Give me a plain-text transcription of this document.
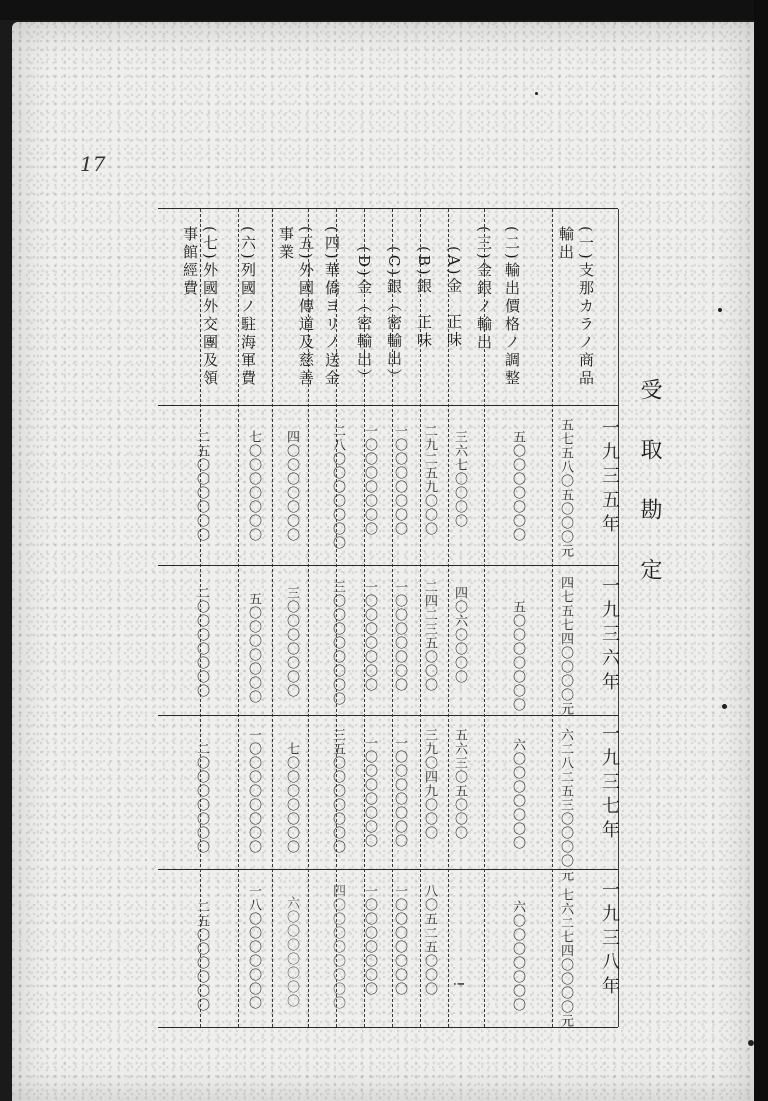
17
受取勘定
一九三五年
一九三六年
一九三七年
一九三八年
(一)支那カラノ商品
輸出
(二)輸出價格ノ調整
(三)金銀ノ輸出
(A)金　正味
(B)銀　正味
(C)銀（密輸出）
(D)金（密輸出）
(四)華僑ヨリノ送金
(五)外國傳道及慈善
事業
(六)列國ノ駐海軍費
(七)外國外交團及領
事館經費
五七五八〇五〇〇〇元
五〇〇〇〇〇〇〇
三六七〇〇〇〇
二九二五九〇〇〇
一〇〇〇〇〇〇〇
一〇〇〇〇〇〇〇
二八〇〇〇〇〇〇〇
四〇〇〇〇〇〇〇
七〇〇〇〇〇〇〇
二五〇〇〇〇〇〇
四七五七四〇〇〇〇元
五〇〇〇〇〇〇〇
四〇六〇〇〇〇
二四二三五〇〇〇
一〇〇〇〇〇〇〇
一〇〇〇〇〇〇〇
三〇〇〇〇〇〇〇〇
三〇〇〇〇〇〇〇
五〇〇〇〇〇〇〇
二〇〇〇〇〇〇〇
六二八二五三〇〇〇〇元
六〇〇〇〇〇〇〇
五六三〇五〇〇〇
三九〇四九〇〇〇
一〇〇〇〇〇〇〇
一〇〇〇〇〇〇〇
三五〇〇〇〇〇〇〇
七〇〇〇〇〇〇〇
一〇〇〇〇〇〇〇〇
二〇〇〇〇〇〇〇
七六二七四〇〇〇〇元
六〇〇〇〇〇〇〇
!
八〇五二五〇〇〇
一〇〇〇〇〇〇〇
一〇〇〇〇〇〇〇
四〇〇〇〇〇〇〇〇
六〇〇〇〇〇〇〇
一八〇〇〇〇〇〇〇
二五〇〇〇〇〇〇
